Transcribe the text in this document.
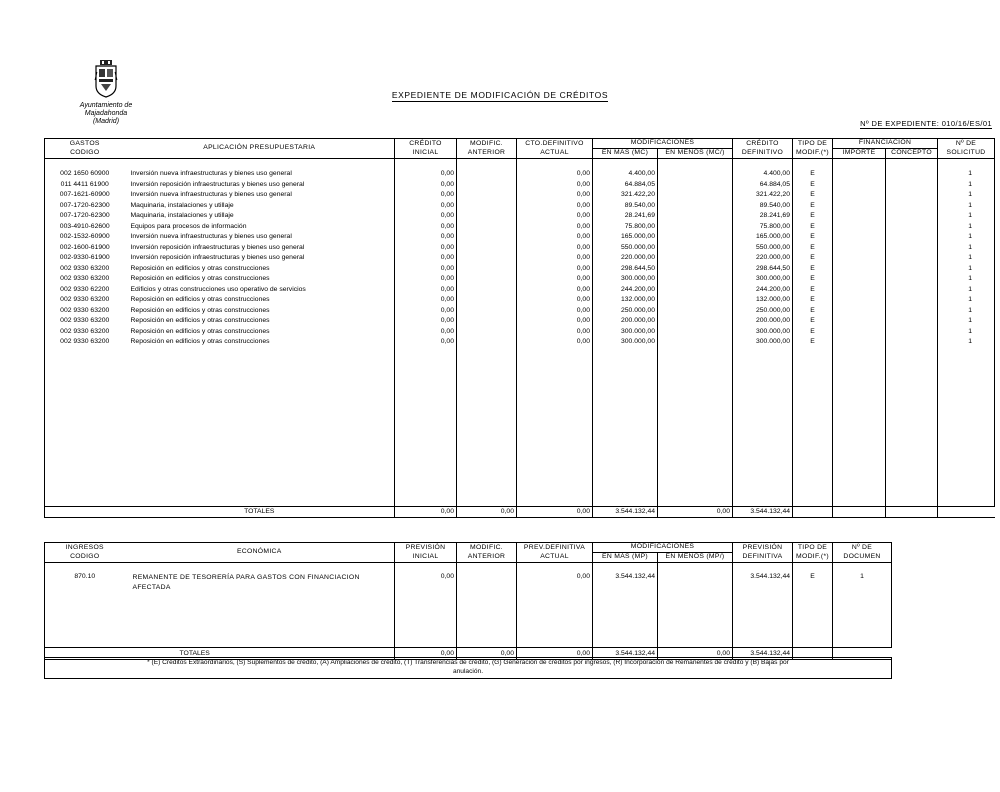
Ayuntamiento de
Majadahonda
(Madrid)
EXPEDIENTE DE MODIFICACIÓN DE CRÉDITOS
Nº DE EXPEDIENTE: 010/16/ES/01
GASTOS	APLICACIÓN PRESUPUESTARIA	CRÉDITO	MODIFIC.	CTO.DEFINITIVO	MODIFICACIONES		CRÉDITO	TIPO DE	FINANCIACIÓN		Nº DE
CÓDIGO		INICIAL	ANTERIOR	ACTUAL	EN MÁS (MC)	EN MENOS (MC/)	DEFINITIVO	MODIF.(*)	IMPORTE	CONCEPTO	SOLICITUD

002 1650 60900	Inversión nueva infraestructuras y bienes uso general	0,00		0,00	4.400,00		4.400,00	E			1
011 4411 61900	Inversión reposición infraestructuras y bienes uso general	0,00		0,00	64.884,05		64.884,05	E			1
007-1621-60900	Inversión nueva infraestructuras y bienes uso general	0,00		0,00	321.422,20		321.422,20	E			1
007-1720-62300	Maquinaria, instalaciones y utillaje	0,00		0,00	89.540,00		89.540,00	E			1
007-1720-62300	Maquinaria, instalaciones y utillaje	0,00		0,00	28.241,69		28.241,69	E			1
003-4910-62600	Equipos para procesos de información	0,00		0,00	75.800,00		75.800,00	E			1
002-1532-60900	Inversión nueva infraestructuras y bienes uso general	0,00		0,00	165.000,00		165.000,00	E			1
002-1600-61900	Inversión reposición infraestructuras y bienes uso general	0,00		0,00	550.000,00		550.000,00	E			1
002-9330-61900	Inversión reposición infraestructuras y bienes uso general	0,00		0,00	220.000,00		220.000,00	E			1
002 9330 63200	Reposición en edificios y otras construcciones	0,00		0,00	298.644,50		298.644,50	E			1
002 9330 63200	Reposición en edificios y otras construcciones	0,00		0,00	300.000,00		300.000,00	E			1
002 9330 62200	Edificios y otras construcciones uso operativo de servicios	0,00		0,00	244.200,00		244.200,00	E			1
002 9330 63200	Reposición en edificios y otras construcciones	0,00		0,00	132.000,00		132.000,00	E			1
002 9330 63200	Reposición en edificios y otras construcciones	0,00		0,00	250.000,00		250.000,00	E			1
002 9330 63200	Reposición en edificios y otras construcciones	0,00		0,00	200.000,00		200.000,00	E			1
002 9330 63200	Reposición en edificios y otras construcciones	0,00		0,00	300.000,00		300.000,00	E			1
002 9330 63200	Reposición en edificios y otras construcciones	0,00		0,00	300.000,00		300.000,00	E			1

	TOTALES	0,00	0,00	0,00	3.544.132,44	0,00	3.544.132,44				
INGRESOS	ECONÓMICA	PREVISIÓN	MODIFIC.	PREV.DEFINITIVA	MODIFICACIONES		PREVISIÓN	TIPO DE	Nº DE
CÓDIGO		INICIAL	ANTERIOR	ACTUAL	EN MÁS (MP)	EN MENOS (MP/)	DEFINITIVA	MODIF.(*)	DOCUMEN
870.10	REMANENTE DE TESORERÍA PARA GASTOS CON FINANCIACION
AFECTADA	0,00		0,00	3.544.132,44		3.544.132,44	E	1
	TOTALES	0,00	0,00	0,00	3.544.132,44	0,00	3.544.132,44		
* (E) Créditos Extraordinarios, (S) Suplementos de crédito, (A) Ampliaciones de crédito, (T) Transferencias de crédito, (G) Generación de créditos por ingresos, (R) Incorporación de Remanentes de crédito y (B) Bajas por
anulación.
